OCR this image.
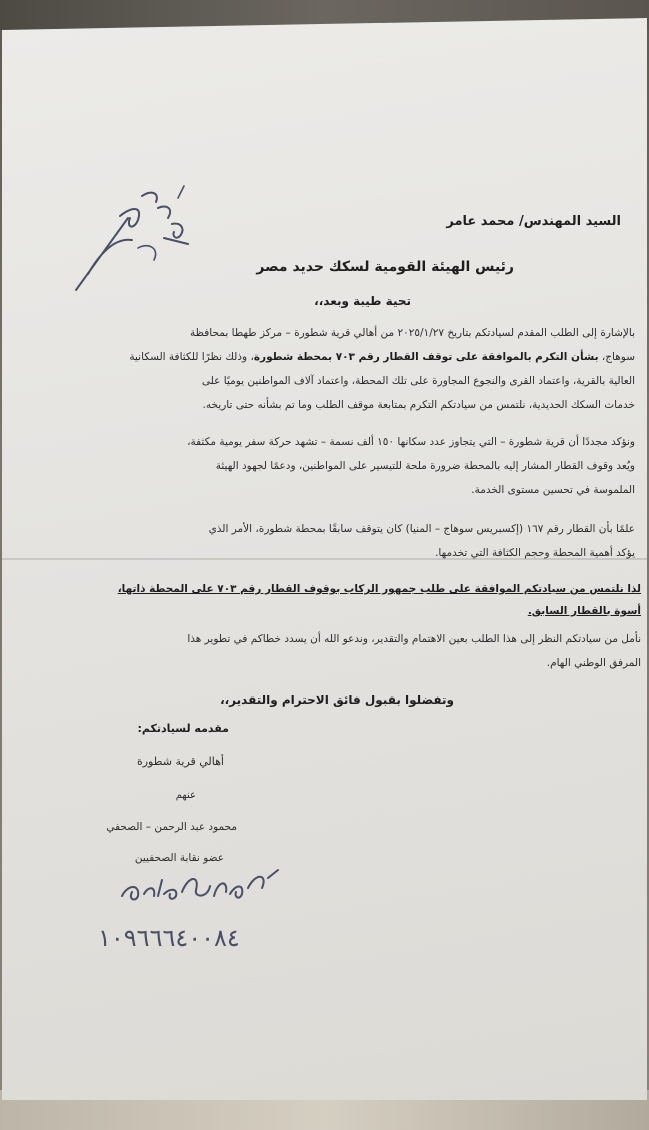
السيد المهندس/ محمد عامر
رئيس الهيئة القومية لسكك حديد مصر
تحية طيبة وبعد،،
بالإشارة إلى الطلب المقدم لسيادتكم بتاريخ ٢٠٢٥/١/٢٧ من أهالي قرية شطورة – مركز طهطا بمحافظة
سوهاج، بشأن التكرم بالموافقة على توقف القطار رقم ٧٠٣ بمحطة شطورة، وذلك نظرًا للكثافة السكانية
العالية بالقرية، واعتماد القرى والنجوع المجاورة على تلك المحطة، واعتماد آلاف المواطنين يوميًا على
خدمات السكك الحديدية، نلتمس من سيادتكم التكرم بمتابعة موقف الطلب وما تم بشأنه حتى تاريخه.
ونؤكد مجددًا أن قرية شطورة – التي يتجاوز عدد سكانها ١٥٠ ألف نسمة – تشهد حركة سفر يومية مكثفة،
ويُعد وقوف القطار المشار إليه بالمحطة ضرورة ملحة للتيسير على المواطنين، ودعمًا لجهود الهيئة
الملموسة في تحسين مستوى الخدمة.
علمًا بأن القطار رقم ١٦٧ (إكسبريس سوهاج – المنيا) كان يتوقف سابقًا بمحطة شطورة، الأمر الذي
يؤكد أهمية المحطة وحجم الكثافة التي تخدمها.
لذا نلتمس من سيادتكم الموافقة على طلب جمهور الركاب بوقوف القطار رقم ٧٠٣ على المحطة ذاتها،
أسوة بالقطار السابق.
نأمل من سيادتكم النظر إلى هذا الطلب بعين الاهتمام والتقدير، وندعو الله أن يسدد خطاكم في تطوير هذا
المرفق الوطني الهام.
وتفضلوا بقبول فائق الاحترام والتقدير،،
مقدمه لسيادتكم:
أهالي قرية شطورة
عنهم
محمود عبد الرحمن – الصحفي
عضو نقابة الصحفيين
١٠٩٦٦٦٤٠٠٨٤
